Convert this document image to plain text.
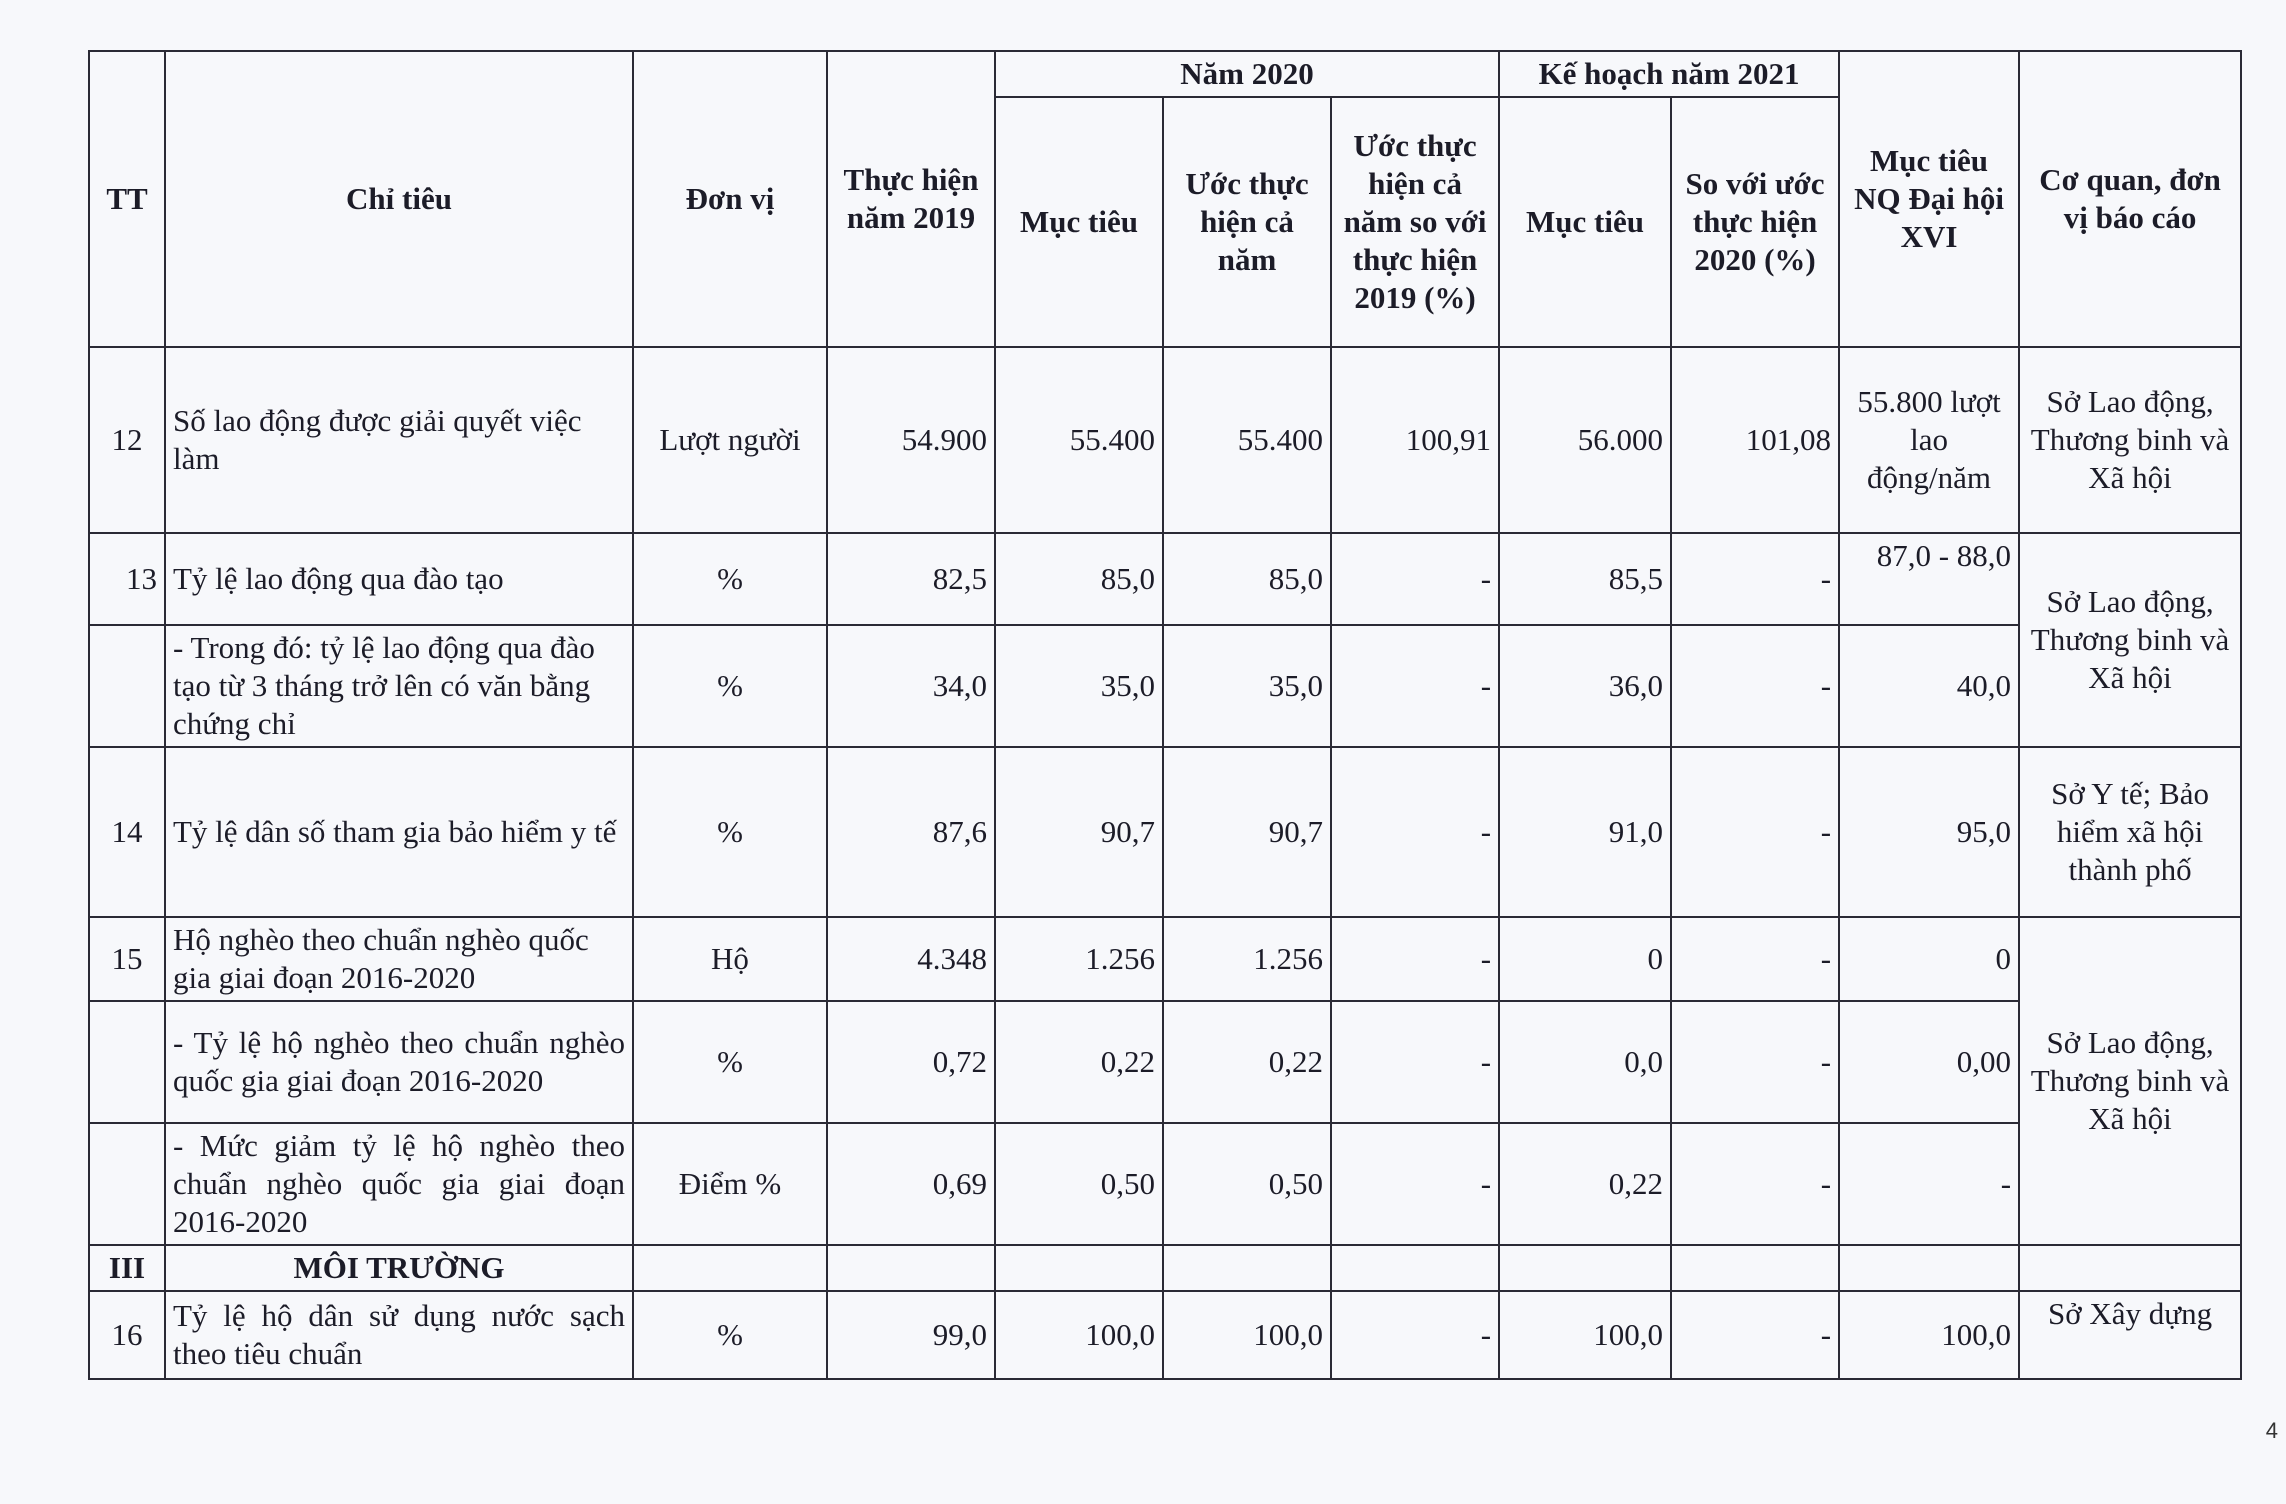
TT	Chỉ tiêu	Đơn vị	Thực hiện năm 2019	Năm 2020			Kế hoạch năm 2021		Mục tiêu NQ Đại hội XVI	Cơ quan, đơn vị báo cáo
				Mục tiêu	Ước thực hiện cả năm	Ước thực hiện cả năm so với thực hiện 2019 (%)	Mục tiêu	So với ước thực hiện 2020 (%)		
12	Số lao động được giải quyết việc làm	Lượt người	54.900	55.400	55.400	100,91	56.000	101,08	55.800 lượt lao động/năm	Sở Lao động, Thương binh và Xã hội
13	Tỷ lệ lao động qua đào tạo	%	82,5	85,0	85,0	-	85,5	-	87,0 - 88,0	Sở Lao động, Thương binh và Xã hội
	- Trong đó: tỷ lệ lao động qua đào tạo từ 3 tháng trở lên có văn bằng chứng chỉ	%	34,0	35,0	35,0	-	36,0	-	40,0	
14	Tỷ lệ dân số tham gia bảo hiểm y tế	%	87,6	90,7	90,7	-	91,0	-	95,0	Sở Y tế; Bảo hiểm xã hội thành phố
15	Hộ nghèo theo chuẩn nghèo quốc gia giai đoạn 2016-2020	Hộ	4.348	1.256	1.256	-	0	-	0	Sở Lao động, Thương binh và Xã hội
	- Tỷ lệ hộ nghèo theo chuẩn nghèo quốc gia giai đoạn 2016-2020	%	0,72	0,22	0,22	-	0,0	-	0,00	
	- Mức giảm tỷ lệ hộ nghèo theo chuẩn nghèo quốc gia giai đoạn 2016-2020	Điểm %	0,69	0,50	0,50	-	0,22	-	-	
III	MÔI TRƯỜNG									
16	Tỷ lệ hộ dân sử dụng nước sạch theo tiêu chuẩn	%	99,0	100,0	100,0	-	100,0	-	100,0	Sở Xây dựng
4
